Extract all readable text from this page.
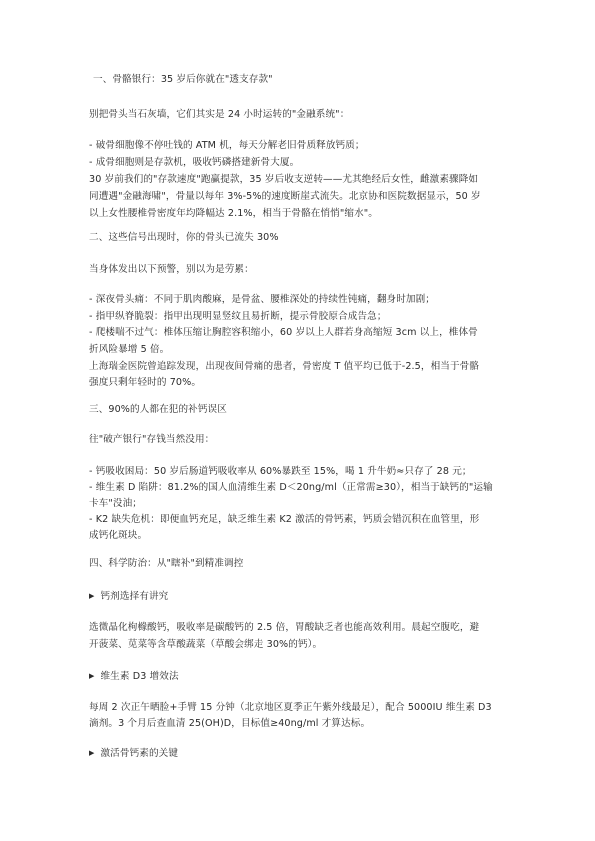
一、骨骼银行：35 岁后你就在"透支存款"
别把骨头当石灰墙，它们其实是 24 小时运转的"金融系统"：
- 破骨细胞像不停吐钱的 ATM 机，每天分解老旧骨质释放钙质；
- 成骨细胞则是存款机，吸收钙磷搭建新骨大厦。
30 岁前我们的"存款速度"跑赢提款，35 岁后收支逆转——尤其绝经后女性，雌激素骤降如
同遭遇"金融海啸"，骨量以每年 3%-5%的速度断崖式流失。北京协和医院数据显示，50 岁
以上女性腰椎骨密度年均降幅达 2.1%，相当于骨骼在悄悄"缩水"。
二、这些信号出现时，你的骨头已流失 30%
当身体发出以下预警，别以为是劳累：
- 深夜骨头痛：不同于肌肉酸麻，是骨盆、腰椎深处的持续性钝痛，翻身时加剧；
- 指甲纵脊脆裂：指甲出现明显竖纹且易折断，提示骨胶原合成告急；
- 爬楼喘不过气：椎体压缩让胸腔容积缩小，60 岁以上人群若身高缩短 3cm 以上，椎体骨
折风险暴增 5 倍。
上海瑞金医院曾追踪发现，出现夜间骨痛的患者，骨密度 T 值平均已低于-2.5，相当于骨骼
强度只剩年轻时的 70%。
三、90%的人都在犯的补钙误区
往"破产银行"存钱当然没用：
- 钙吸收困局：50 岁后肠道钙吸收率从 60%暴跌至 15%，喝 1 升牛奶≈只存了 28 元；
- 维生素 D 陷阱：81.2%的国人血清维生素 D＜20ng/ml（正常需≥30），相当于缺钙的"运输
卡车"没油；
- K2 缺失危机：即便血钙充足，缺乏维生素 K2 激活的骨钙素，钙质会错沉积在血管里，形
成钙化斑块。
四、科学防治：从"瞎补"到精准调控
▶ 钙剂选择有讲究
选微晶化枸橼酸钙，吸收率是碳酸钙的 2.5 倍，胃酸缺乏者也能高效利用。晨起空腹吃，避
开菠菜、苋菜等含草酸蔬菜（草酸会绑走 30%的钙）。
▶ 维生素 D3 增效法
每周 2 次正午晒脸+手臂 15 分钟（北京地区夏季正午紫外线最足），配合 5000IU 维生素 D3
滴剂。3 个月后查血清 25(OH)D，目标值≥40ng/ml 才算达标。
▶ 激活骨钙素的关键
